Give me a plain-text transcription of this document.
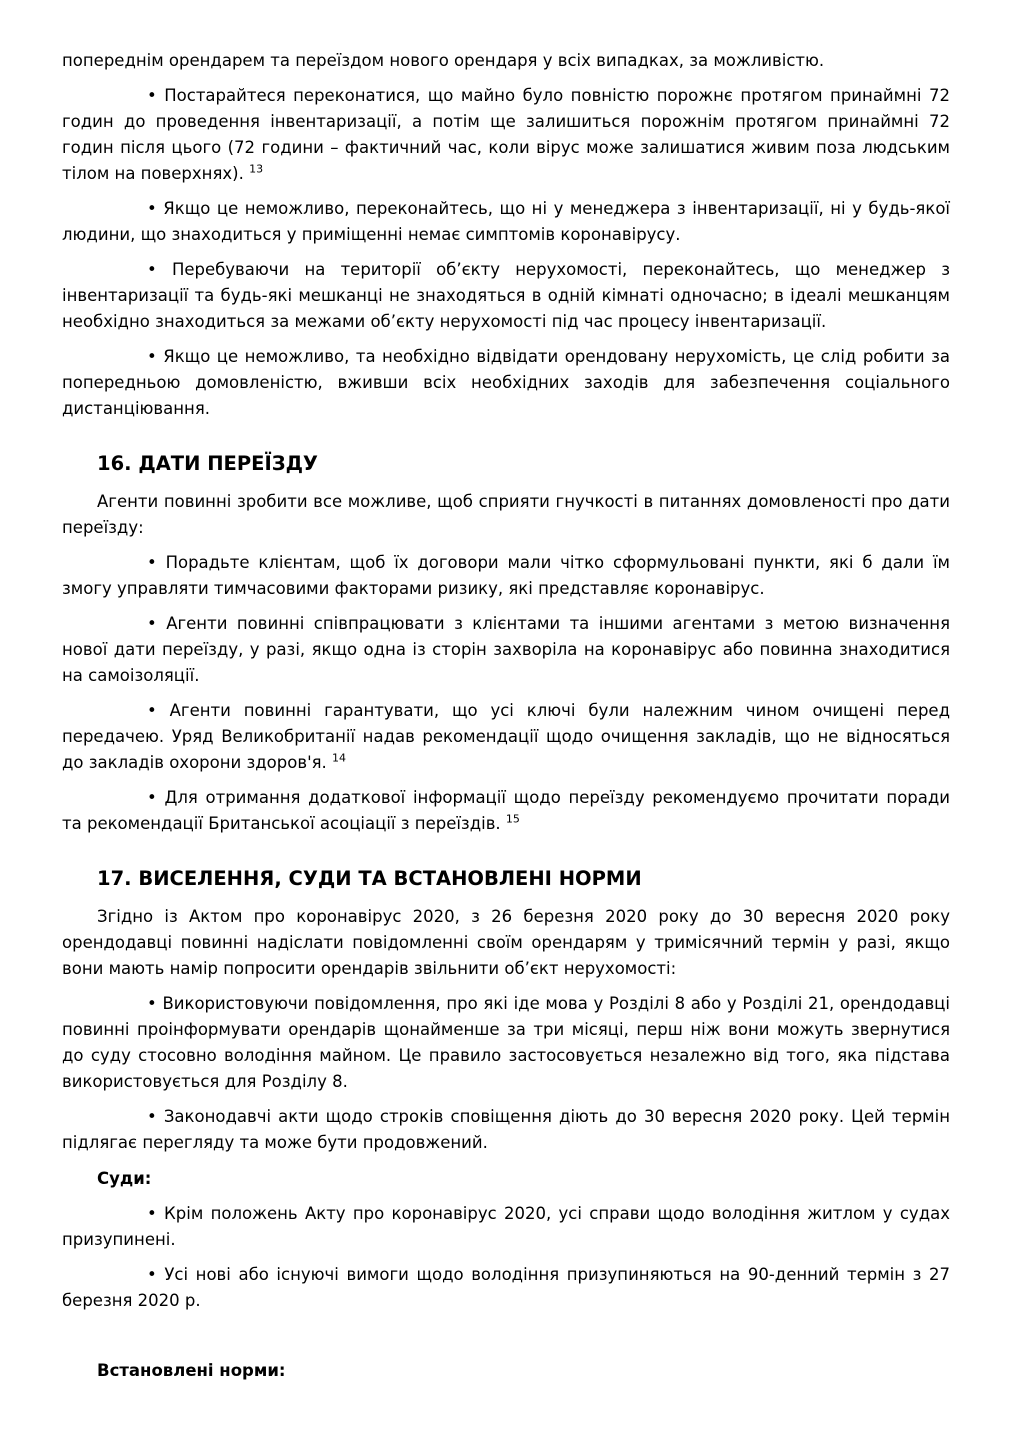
попереднім орендарем та переїздом нового орендаря у всіх випадках, за можливістю.

• Постарайтеся переконатися, що майно було повністю порожнє протягом принаймні 72 годин до проведення інвентаризації, а потім ще залишиться порожнім протягом принаймні 72 годин після цього (72 години – фактичний час, коли вірус може залишатися живим поза людським тілом на поверхнях). $^{13}$

• Якщо це неможливо, переконайтесь, що ні у менеджера з інвентаризації, ні у будь-якої людини, що знаходиться у приміщенні немає симптомів коронавірусу.

• Перебуваючи на території об’єкту нерухомості, переконайтесь, що менеджер з інвентаризації та будь-які мешканці не знаходяться в одній кімнаті одночасно; в ідеалі мешканцям необхідно знаходиться за межами об’єкту нерухомості під час процесу інвентаризації.

• Якщо це неможливо, та необхідно відвідати орендовану нерухомість, це слід робити за попередньою домовленістю, вживши всіх необхідних заходів для забезпечення соціального дистанціювання.

16. ДАТИ ПЕРЕЇЗДУ

Агенти повинні зробити все можливе, щоб сприяти гнучкості в питаннях домовленості про дати переїзду:

• Порадьте клієнтам, щоб їх договори мали чітко сформульовані пункти, які б дали їм змогу управляти тимчасовими факторами ризику, які представляє коронавірус.

• Агенти повинні співпрацювати з клієнтами та іншими агентами з метою визначення нової дати переїзду, у разі, якщо одна із сторін захворіла на коронавірус або повинна знаходитися на самоізоляції.

• Агенти повинні гарантувати, що усі ключі були належним чином очищені перед передачею. Уряд Великобританії надав рекомендації щодо очищення закладів, що не відносяться до закладів охорони здоров'я. $^{14}$

• Для отримання додаткової інформації щодо переїзду рекомендуємо прочитати поради та рекомендації Британської асоціації з переїздів. $^{15}$

17. ВИСЕЛЕННЯ, СУДИ ТА ВСТАНОВЛЕНІ НОРМИ

Згідно із Актом про коронавірус 2020, з 26 березня 2020 року до 30 вересня 2020 року орендодавці повинні надіслати повідомленні своїм орендарям у тримісячний термін у разі, якщо вони мають намір попросити орендарів звільнити об’єкт нерухомості:

• Використовуючи повідомлення, про які іде мова у Розділі 8 або у Розділі 21, орендодавці повинні проінформувати орендарів щонайменше за три місяці, перш ніж вони можуть звернутися до суду стосовно володіння майном. Це правило застосовується незалежно від того, яка підстава використовується для Розділу 8.

• Законодавчі акти щодо строків сповіщення діють до 30 вересня 2020 року. Цей термін підлягає перегляду та може бути продовжений.

Суди:

• Крім положень Акту про коронавірус 2020, усі справи щодо володіння житлом у судах призупинені.

• Усі нові або існуючі вимоги щодо володіння призупиняються на 90-денний термін з 27 березня 2020 р.

Встановлені норми:
